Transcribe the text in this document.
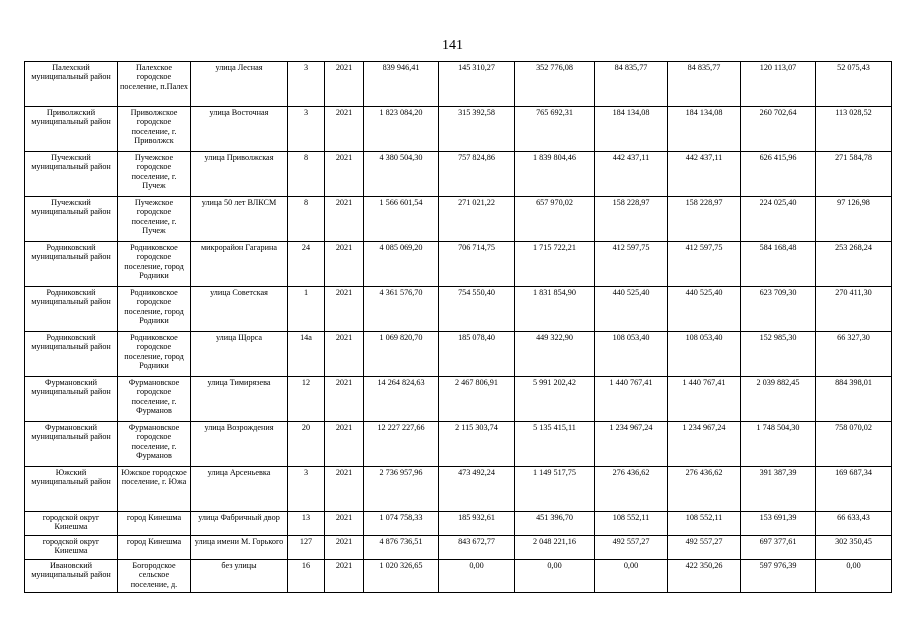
141
Палехский муниципальный район	Палехское городское поселение, п.Палех	улица Лесная	3	2021	839 946,41	145 310,27	352 776,08	84 835,77	84 835,77	120 113,07	52 075,43

Приволжский муниципальный район	Приволжское городское поселение, г. Приволжск	улица Восточная	3	2021	1 823 084,20	315 392,58	765 692,31	184 134,08	184 134,08	260 702,64	113 028,52

Пучежский муниципальный район	Пучежское городское поселение, г. Пучеж	улица Приволжская	8	2021	4 380 504,30	757 824,86	1 839 804,46	442 437,11	442 437,11	626 415,96	271 584,78

Пучежский муниципальный район	Пучежское городское поселение, г. Пучеж	улица 50 лет ВЛКСМ	8	2021	1 566 601,54	271 021,22	657 970,02	158 228,97	158 228,97	224 025,40	97 126,98

Родниковский муниципальный район	Родниковское городское поселение, город Родники	микрорайон Гагарина	24	2021	4 085 069,20	706 714,75	1 715 722,21	412 597,75	412 597,75	584 168,48	253 268,24

Родниковский муниципальный район	Родниковское городское поселение, город Родники	улица Советская	1	2021	4 361 576,70	754 550,40	1 831 854,90	440 525,40	440 525,40	623 709,30	270 411,30

Родниковский муниципальный район	Родниковское городское поселение, город Родники	улица Щорса	14а	2021	1 069 820,70	185 078,40	449 322,90	108 053,40	108 053,40	152 985,30	66 327,30

Фурмановский муниципальный район	Фурмановское городское поселение, г. Фурманов	улица Тимирязева	12	2021	14 264 824,63	2 467 806,91	5 991 202,42	1 440 767,41	1 440 767,41	2 039 882,45	884 398,01

Фурмановский муниципальный район	Фурмановское городское поселение, г. Фурманов	улица Возрождения	20	2021	12 227 227,66	2 115 303,74	5 135 415,11	1 234 967,24	1 234 967,24	1 748 504,30	758 070,02

Южский муниципальный район	Южское городское поселение, г. Южа	улица Арсеньевка	3	2021	2 736 957,96	473 492,24	1 149 517,75	276 436,62	276 436,62	391 387,39	169 687,34

городской округ Кинешма	город Кинешма	улица Фабричный двор	13	2021	1 074 758,33	185 932,61	451 396,70	108 552,11	108 552,11	153 691,39	66 633,43

городской округ Кинешма	город Кинешма	улица имени М. Горького	127	2021	4 876 736,51	843 672,77	2 048 221,16	492 557,27	492 557,27	697 377,61	302 350,45

Ивановский муниципальный район	Богородское сельское поселение, д.	без улицы	16	2021	1 020 326,65	0,00	0,00	0,00	422 350,26	597 976,39	0,00
